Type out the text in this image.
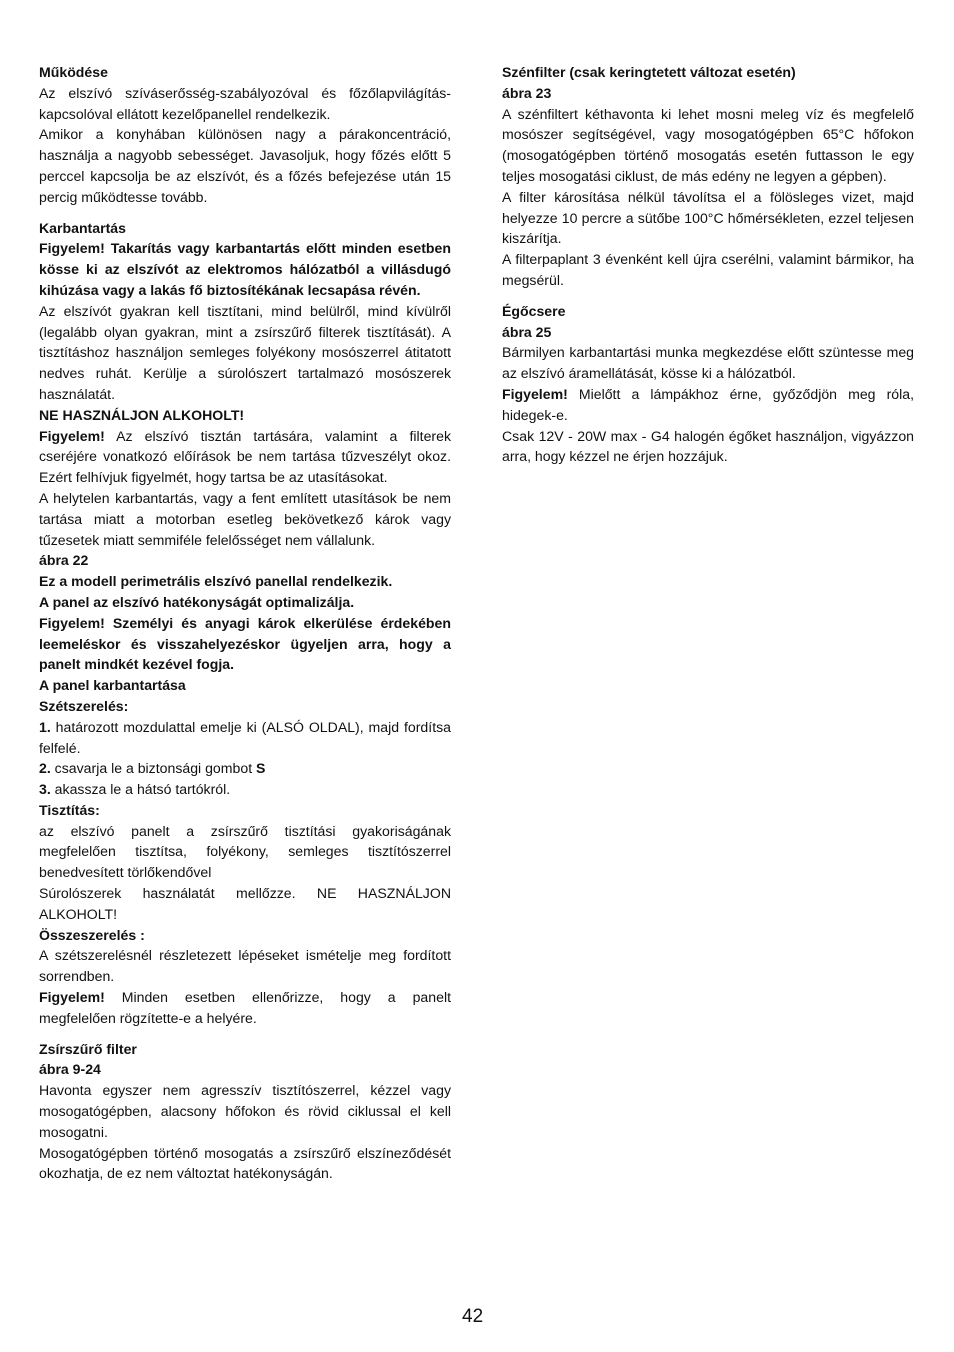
Működése

Az elszívó szíváserősség-szabályozóval és főzőlapvilágítás-kapcsolóval ellátott kezelőpanellel rendelkezik.

Amikor a konyhában különösen nagy a párakoncentráció, használja a nagyobb sebességet. Javasoljuk, hogy főzés előtt 5 perccel kapcsolja be az elszívót, és a főzés befejezése után 15 percig működtesse tovább.

Karbantartás

Figyelem! Takarítás vagy karbantartás előtt minden esetben kösse ki az elszívót az elektromos hálózatból a villásdugó kihúzása vagy a lakás fő biztosítékának lecsapása révén.

Az elszívót gyakran kell tisztítani, mind belülről, mind kívülről (legalább olyan gyakran, mint a zsírszűrő filterek tisztítását). A tisztításhoz használjon semleges folyékony mosószerrel átitatott nedves ruhát. Kerülje a súrolószert tartalmazó mosószerek használatát.

NE HASZNÁLJON ALKOHOLT!

Figyelem! Az elszívó tisztán tartására, valamint a filterek cseréjére vonatkozó előírások be nem tartása tűzveszélyt okoz. Ezért felhívjuk figyelmét, hogy tartsa be az utasításokat.

A helytelen karbantartás, vagy a fent említett utasítások be nem tartása miatt a motorban esetleg bekövetkező károk vagy tűzesetek miatt semmiféle felelősséget nem vállalunk.

ábra 22

Ez a modell perimetrális elszívó panellal rendelkezik.

A panel az elszívó hatékonyságát optimalizálja.

Figyelem! Személyi és anyagi károk elkerülése érdekében leemeléskor és visszahelyezéskor ügyeljen arra, hogy a panelt mindkét kezével fogja.

A panel karbantartása

Szétszerelés:

1. határozott mozdulattal emelje ki (ALSÓ OLDAL), majd fordítsa felfelé.

2. csavarja le a biztonsági gombot S

3. akassza le a hátsó tartókról.

Tisztítás:

az elszívó panelt a zsírszűrő tisztítási gyakoriságának megfelelően tisztítsa, folyékony, semleges tisztítószerrel benedvesített törlőkendővel

Súrolószerek használatát mellőzze. NE HASZNÁLJON ALKOHOLT!

Összeszerelés :

A szétszerelésnél részletezett lépéseket ismételje meg fordított sorrendben.

Figyelem! Minden esetben ellenőrizze, hogy a panelt megfelelően rögzítette-e a helyére.

Zsírszűrő filter

ábra 9-24

Havonta egyszer nem agresszív tisztítószerrel, kézzel vagy mosogatógépben, alacsony hőfokon és rövid ciklussal el kell mosogatni.

Mosogatógépben történő mosogatás a zsírszűrő elszíneződését okozhatja, de ez nem változtat hatékonyságán.

Szénfilter (csak keringtetett változat esetén)

ábra 23

A szénfiltert kéthavonta ki lehet mosni meleg víz és megfelelő mosószer segítségével, vagy mosogatógépben 65°C hőfokon (mosogatógépben történő mosogatás esetén futtasson le egy teljes mosogatási ciklust, de más edény ne legyen a gépben).

A filter károsítása nélkül távolítsa el a fölösleges vizet, majd helyezze 10 percre a sütőbe 100°C hőmérsékleten, ezzel teljesen kiszárítja.

A filterpaplant 3 évenként kell újra cserélni, valamint bármikor, ha megsérül.

Égőcsere

ábra 25

Bármilyen karbantartási munka megkezdése előtt szüntesse meg az elszívó áramellátását, kösse ki a hálózatból.

Figyelem! Mielőtt a lámpákhoz érne, győződjön meg róla, hidegek-e.

Csak 12V - 20W max - G4 halogén égőket használjon, vigyázzon arra, hogy kézzel ne érjen hozzájuk.

42
